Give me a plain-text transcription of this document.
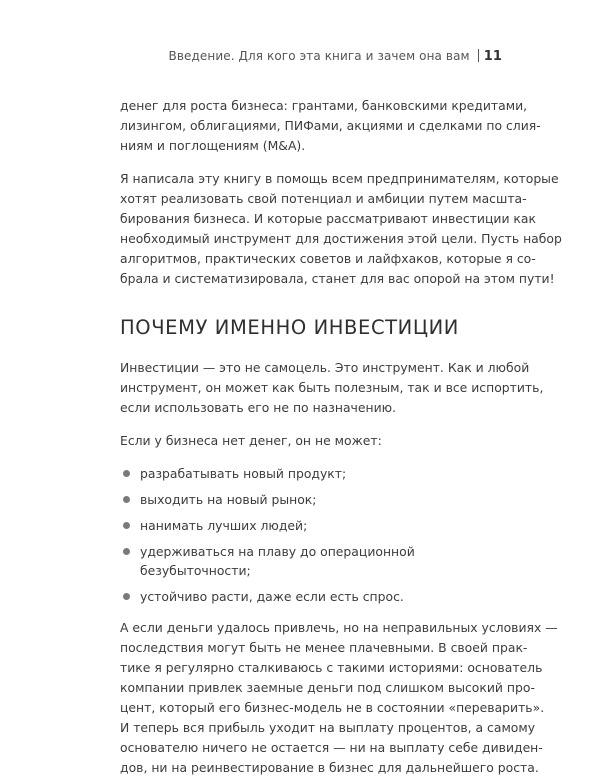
Введение. Для кого эта книга и зачем она вам 11

денег для роста бизнеса: грантами, банковскими кредитами,
лизингом, облигациями, ПИФами, акциями и сделками по слия-
ниям и поглощениям (M&A).

Я написала эту книгу в помощь всем предпринимателям, которые
хотят реализовать свой потенциал и амбиции путем масшта-
бирования бизнеса. И которые рассматривают инвестиции как
необходимый инструмент для достижения этой цели. Пусть набор
алгоритмов, практических советов и лайфхаков, которые я со-
брала и систематизировала, станет для вас опорой на этом пути!

ПОЧЕМУ ИМЕННО ИНВЕСТИЦИИ

Инвестиции — это не самоцель. Это инструмент. Как и любой
инструмент, он может как быть полезным, так и все испортить,
если использовать его не по назначению.

Если у бизнеса нет денег, он не может:

разрабатывать новый продукт;
выходить на новый рынок;
нанимать лучших людей;
удерживаться на плаву до операционной безубыточности;
устойчиво расти, даже если есть спрос.

А если деньги удалось привлечь, но на неправильных условиях —
последствия могут быть не менее плачевными. В своей прак-
тике я регулярно сталкиваюсь с такими историями: основатель
компании привлек заемные деньги под слишком высокий про-
цент, который его бизнес-модель не в состоянии «переварить».
И теперь вся прибыль уходит на выплату процентов, а самому
основателю ничего не остается — ни на выплату себе дивиден-
дов, ни на реинвестирование в бизнес для дальнейшего роста.
